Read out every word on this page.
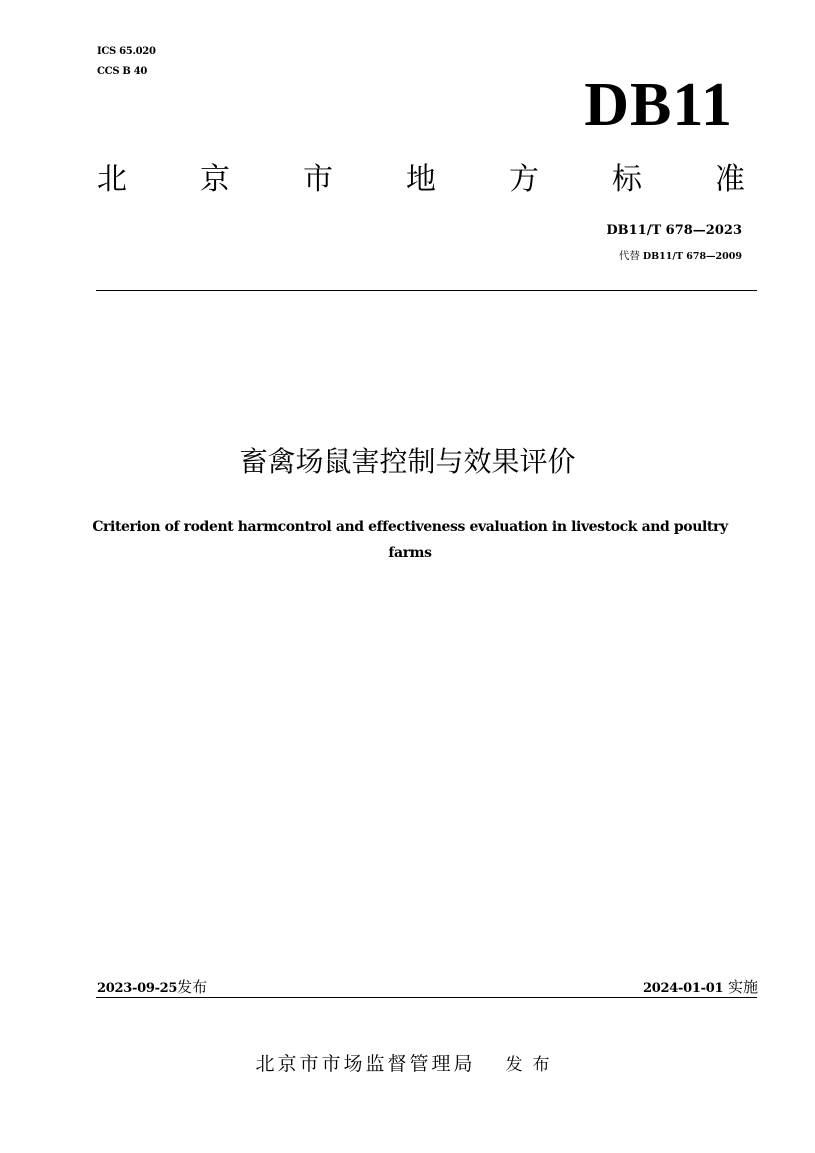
ICS 65.020
CCS B 40	DB11
北 京 市 地 方 标 准
DB11/T 678—2023
代替 DB11/T 678—2009
畜禽场鼠害控制与效果评价
Criterion of rodent harmcontrol and effectiveness evaluation in livestock and poultry farms
2023-09-25发布	2024-01-01 实施
北京市市场监督管理局 发布
